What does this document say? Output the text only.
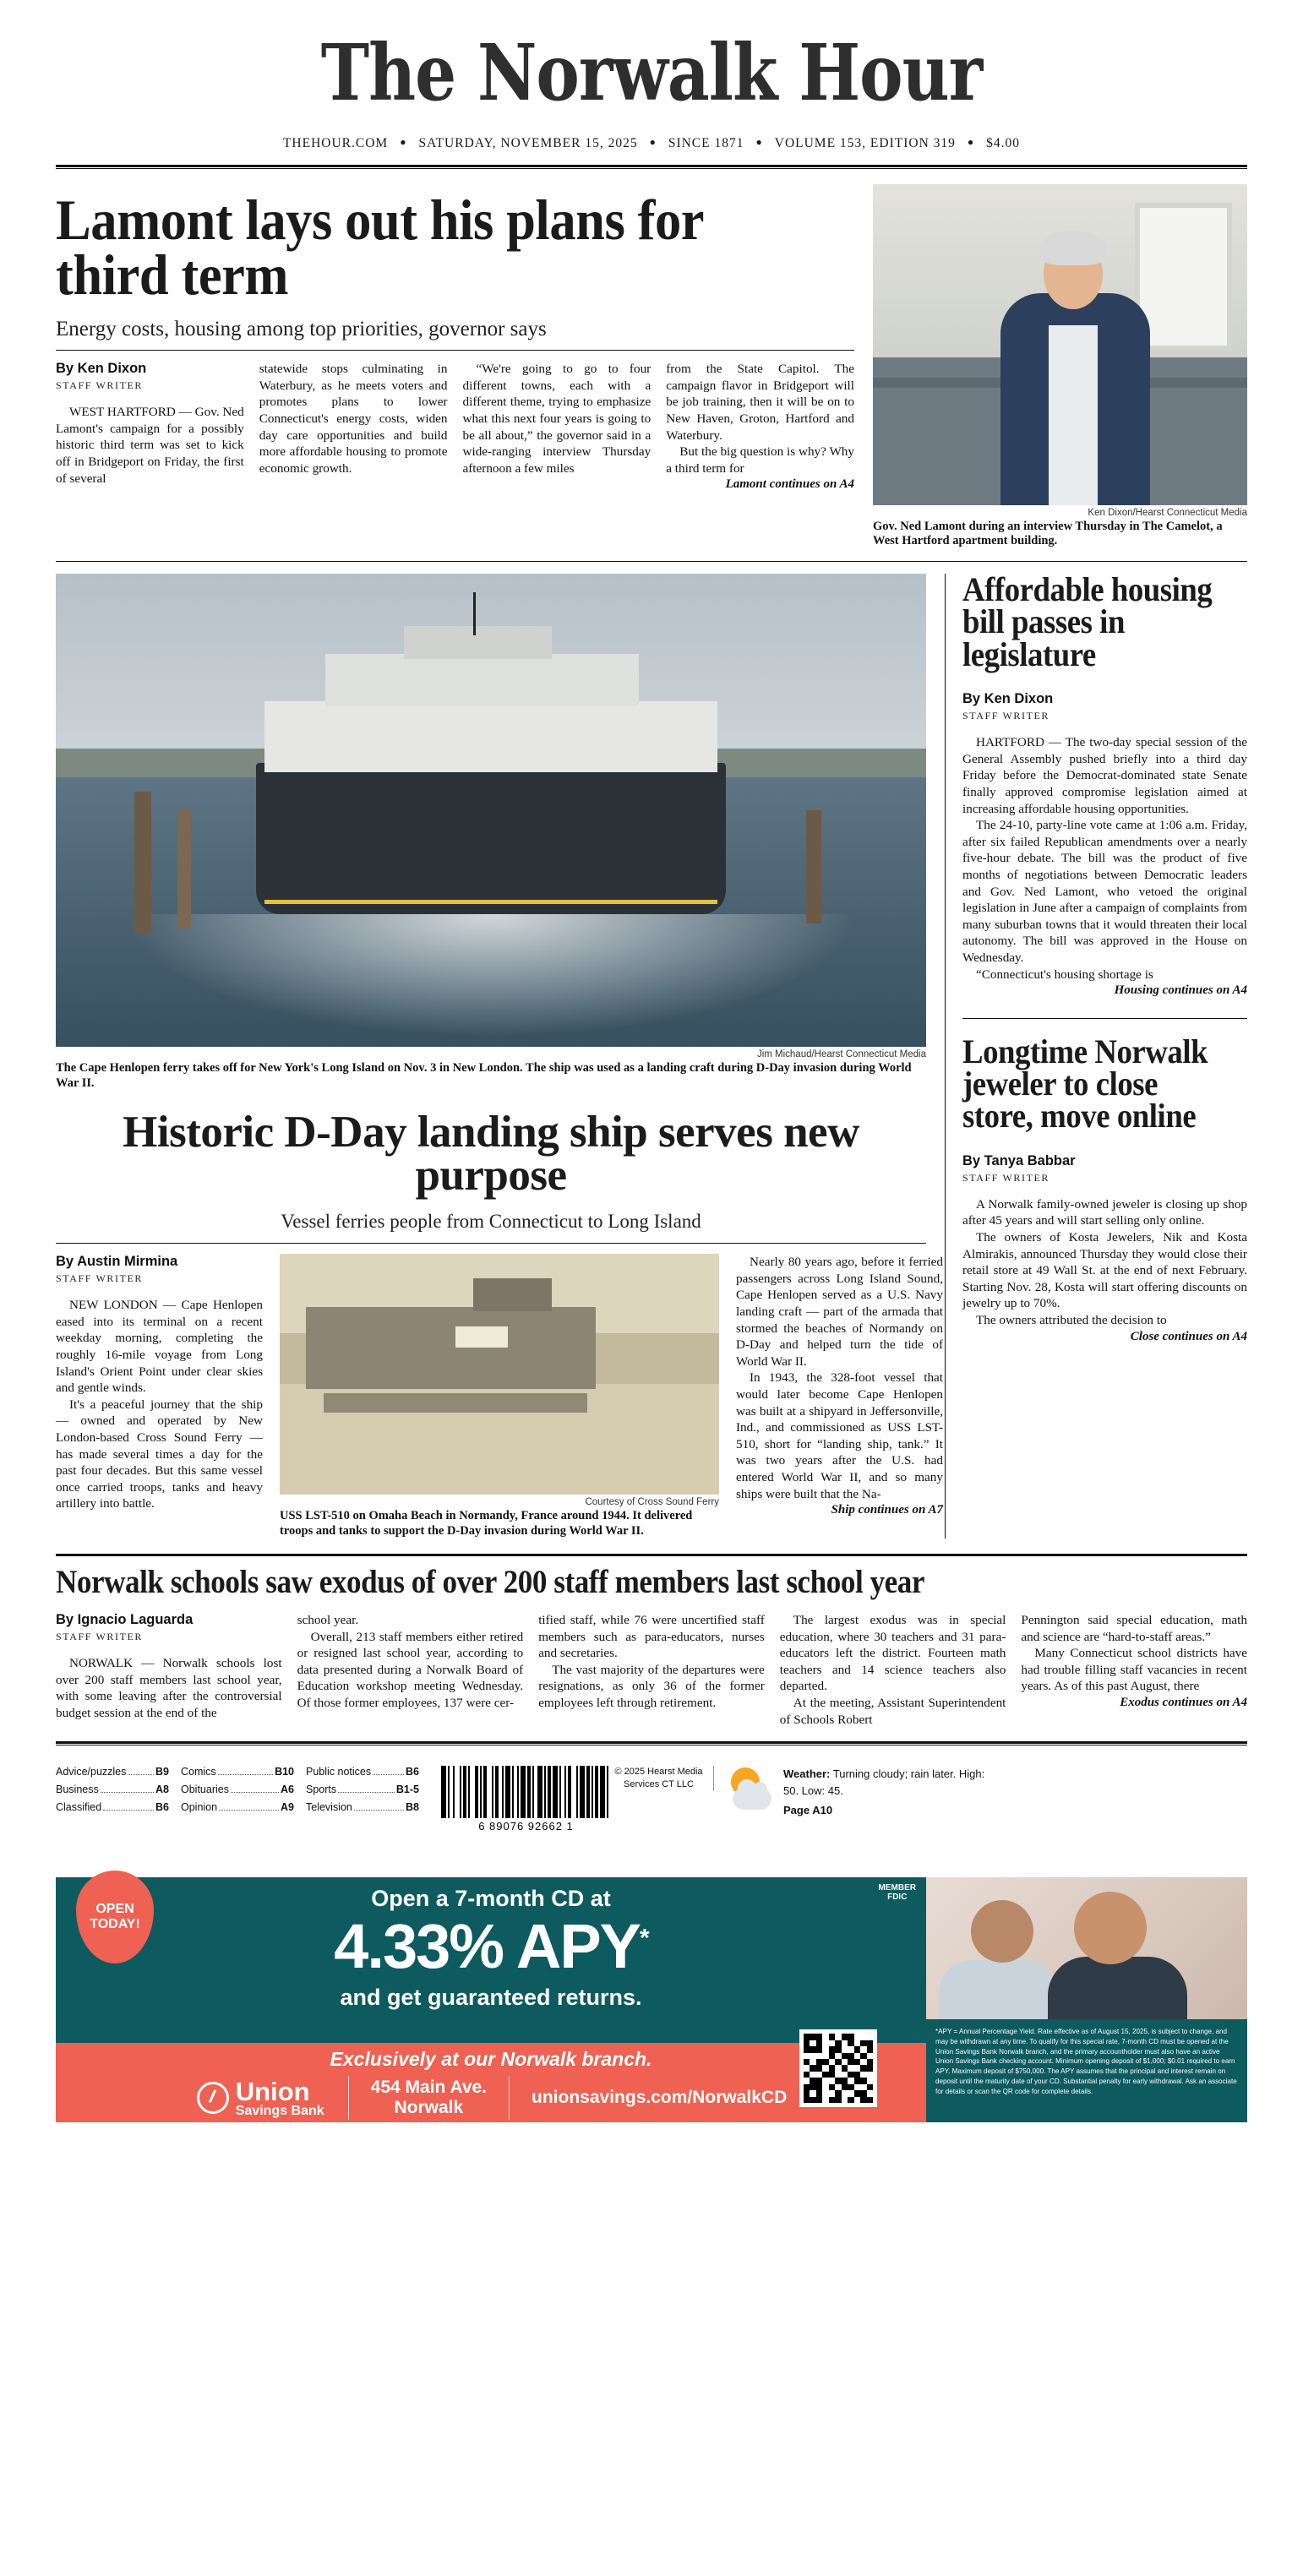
The Norwalk Hour
THEHOUR.COM ● SATURDAY, NOVEMBER 15, 2025 ● SINCE 1871 ● VOLUME 153, EDITION 319 ● $4.00
Lamont lays out his plans for third term
Energy costs, housing among top priorities, governor says
By Ken Dixon
STAFF WRITER

WEST HARTFORD — Gov. Ned Lamont's campaign for a possibly historic third term was set to kick off in Bridgeport on Friday, the first of several

statewide stops culminating in Waterbury, as he meets voters and promotes plans to lower Connecticut's energy costs, widen day care opportunities and build more affordable housing to promote economic growth.

“We're going to go to four different towns, each with a different theme, trying to emphasize what this next four years is going to be all about,” the governor said in a wide-ranging interview Thursday afternoon a few miles

from the State Capitol. The campaign flavor in Bridgeport will be job training, then it will be on to New Haven, Groton, Hartford and Waterbury.

But the big question is why? Why a third term for

Lamont continues on A4

Ken Dixon/Hearst Connecticut Media
Gov. Ned Lamont during an interview Thursday in The Camelot, a West Hartford apartment building.
Jim Michaud/Hearst Connecticut Media
The Cape Henlopen ferry takes off for New York's Long Island on Nov. 3 in New London. The ship was used as a landing craft during D-Day invasion during World War II.
Historic D-Day landing ship serves new purpose
Vessel ferries people from Connecticut to Long Island
By Austin Mirmina
STAFF WRITER

NEW LONDON — Cape Henlopen eased into its terminal on a recent weekday morning, completing the roughly 16-mile voyage from Long Island's Orient Point under clear skies and gentle winds.

It's a peaceful journey that the ship — owned and operated by New London-based Cross Sound Ferry — has made several times a day for the past four decades. But this same vessel once carried troops, tanks and heavy artillery into battle.	Courtesy of Cross Sound Ferry
USS LST-510 on Omaha Beach in Normandy, France around 1944. It delivered troops and tanks to support the D-Day invasion during World War II.

Nearly 80 years ago, before it ferried passengers across Long Island Sound, Cape Henlopen served as a U.S. Navy landing craft — part of the armada that stormed the beaches of Normandy on D-Day and helped turn the tide of World War II.

In 1943, the 328-foot vessel that would later become Cape Henlopen was built at a shipyard in Jeffersonville, Ind., and commissioned as USS LST-510, short for “landing ship, tank.” It was two years after the U.S. had entered World War II, and so many ships were built that the Na-

Ship continues on A7

Affordable housing bill passes in legislature
By Ken Dixon
STAFF WRITER

HARTFORD — The two-day special session of the General Assembly pushed briefly into a third day Friday before the Democrat-dominated state Senate finally approved compromise legislation aimed at increasing affordable housing opportunities.

The 24-10, party-line vote came at 1:06 a.m. Friday, after six failed Republican amendments over a nearly five-hour debate. The bill was the product of five months of negotiations between Democratic leaders and Gov. Ned Lamont, who vetoed the original legislation in June after a campaign of complaints from many suburban towns that it would threaten their local autonomy. The bill was approved in the House on Wednesday.

“Connecticut's housing shortage is

Housing continues on A4

Longtime Norwalk jeweler to close store, move online
By Tanya Babbar
STAFF WRITER

A Norwalk family-owned jeweler is closing up shop after 45 years and will start selling only online.

The owners of Kosta Jewelers, Nik and Kosta Almirakis, announced Thursday they would close their retail store at 49 Wall St. at the end of next February. Starting Nov. 28, Kosta will start offering discounts on jewelry up to 70%.

The owners attributed the decision to

Close continues on A4

Norwalk schools saw exodus of over 200 staff members last school year
By Ignacio Laguarda
STAFF WRITER

NORWALK — Norwalk schools lost over 200 staff members last school year, with some leaving after the controversial budget session at the end of the

school year.

Overall, 213 staff members either retired or resigned last school year, according to data presented during a Norwalk Board of Education workshop meeting Wednesday. Of those former employees, 137 were cer-

tified staff, while 76 were uncertified staff members such as para-educators, nurses and secretaries.

The vast majority of the departures were resignations, as only 36 of the former employees left through retirement.

The largest exodus was in special education, where 30 teachers and 31 para-educators left the district. Fourteen math teachers and 14 science teachers also departed.

At the meeting, Assistant Superintendent of Schools Robert

Pennington said special education, math and science are “hard-to-staff areas.”

Many Connecticut school districts have had trouble filling staff vacancies in recent years. As of this past August, there

Exodus continues on A4

Advice/puzzles	B9
Business	A8
Classified	B6
Comics	B10
Obituaries	A6
Opinion	A9
Public notices	B6
Sports	B1-5
Television	B8
6 89076 92662 1
© 2025 Hearst Media Services CT LLC
Weather: Turning cloudy; rain later. High: 50. Low: 45.
Page A10
OPEN
TODAY!
MEMBER
FDIC
Open a 7-month CD at
4.33% APY*
and get guaranteed returns.
Exclusively at our Norwalk branch.
Union
Savings Bank
454 Main Ave.
Norwalk
unionsavings.com/NorwalkCD
*APY = Annual Percentage Yield. Rate effective as of August 15, 2025, is subject to change, and may be withdrawn at any time. To qualify for this special rate, 7-month CD must be opened at the Union Savings Bank Norwalk branch, and the primary accountholder must also have an active Union Savings Bank checking account. Minimum opening deposit of $1,000; $0.01 required to earn APY. Maximum deposit of $750,000. The APY assumes that the principal and interest remain on deposit until the maturity date of your CD. Substantial penalty for early withdrawal. Ask an associate for details or scan the QR code for complete details.
